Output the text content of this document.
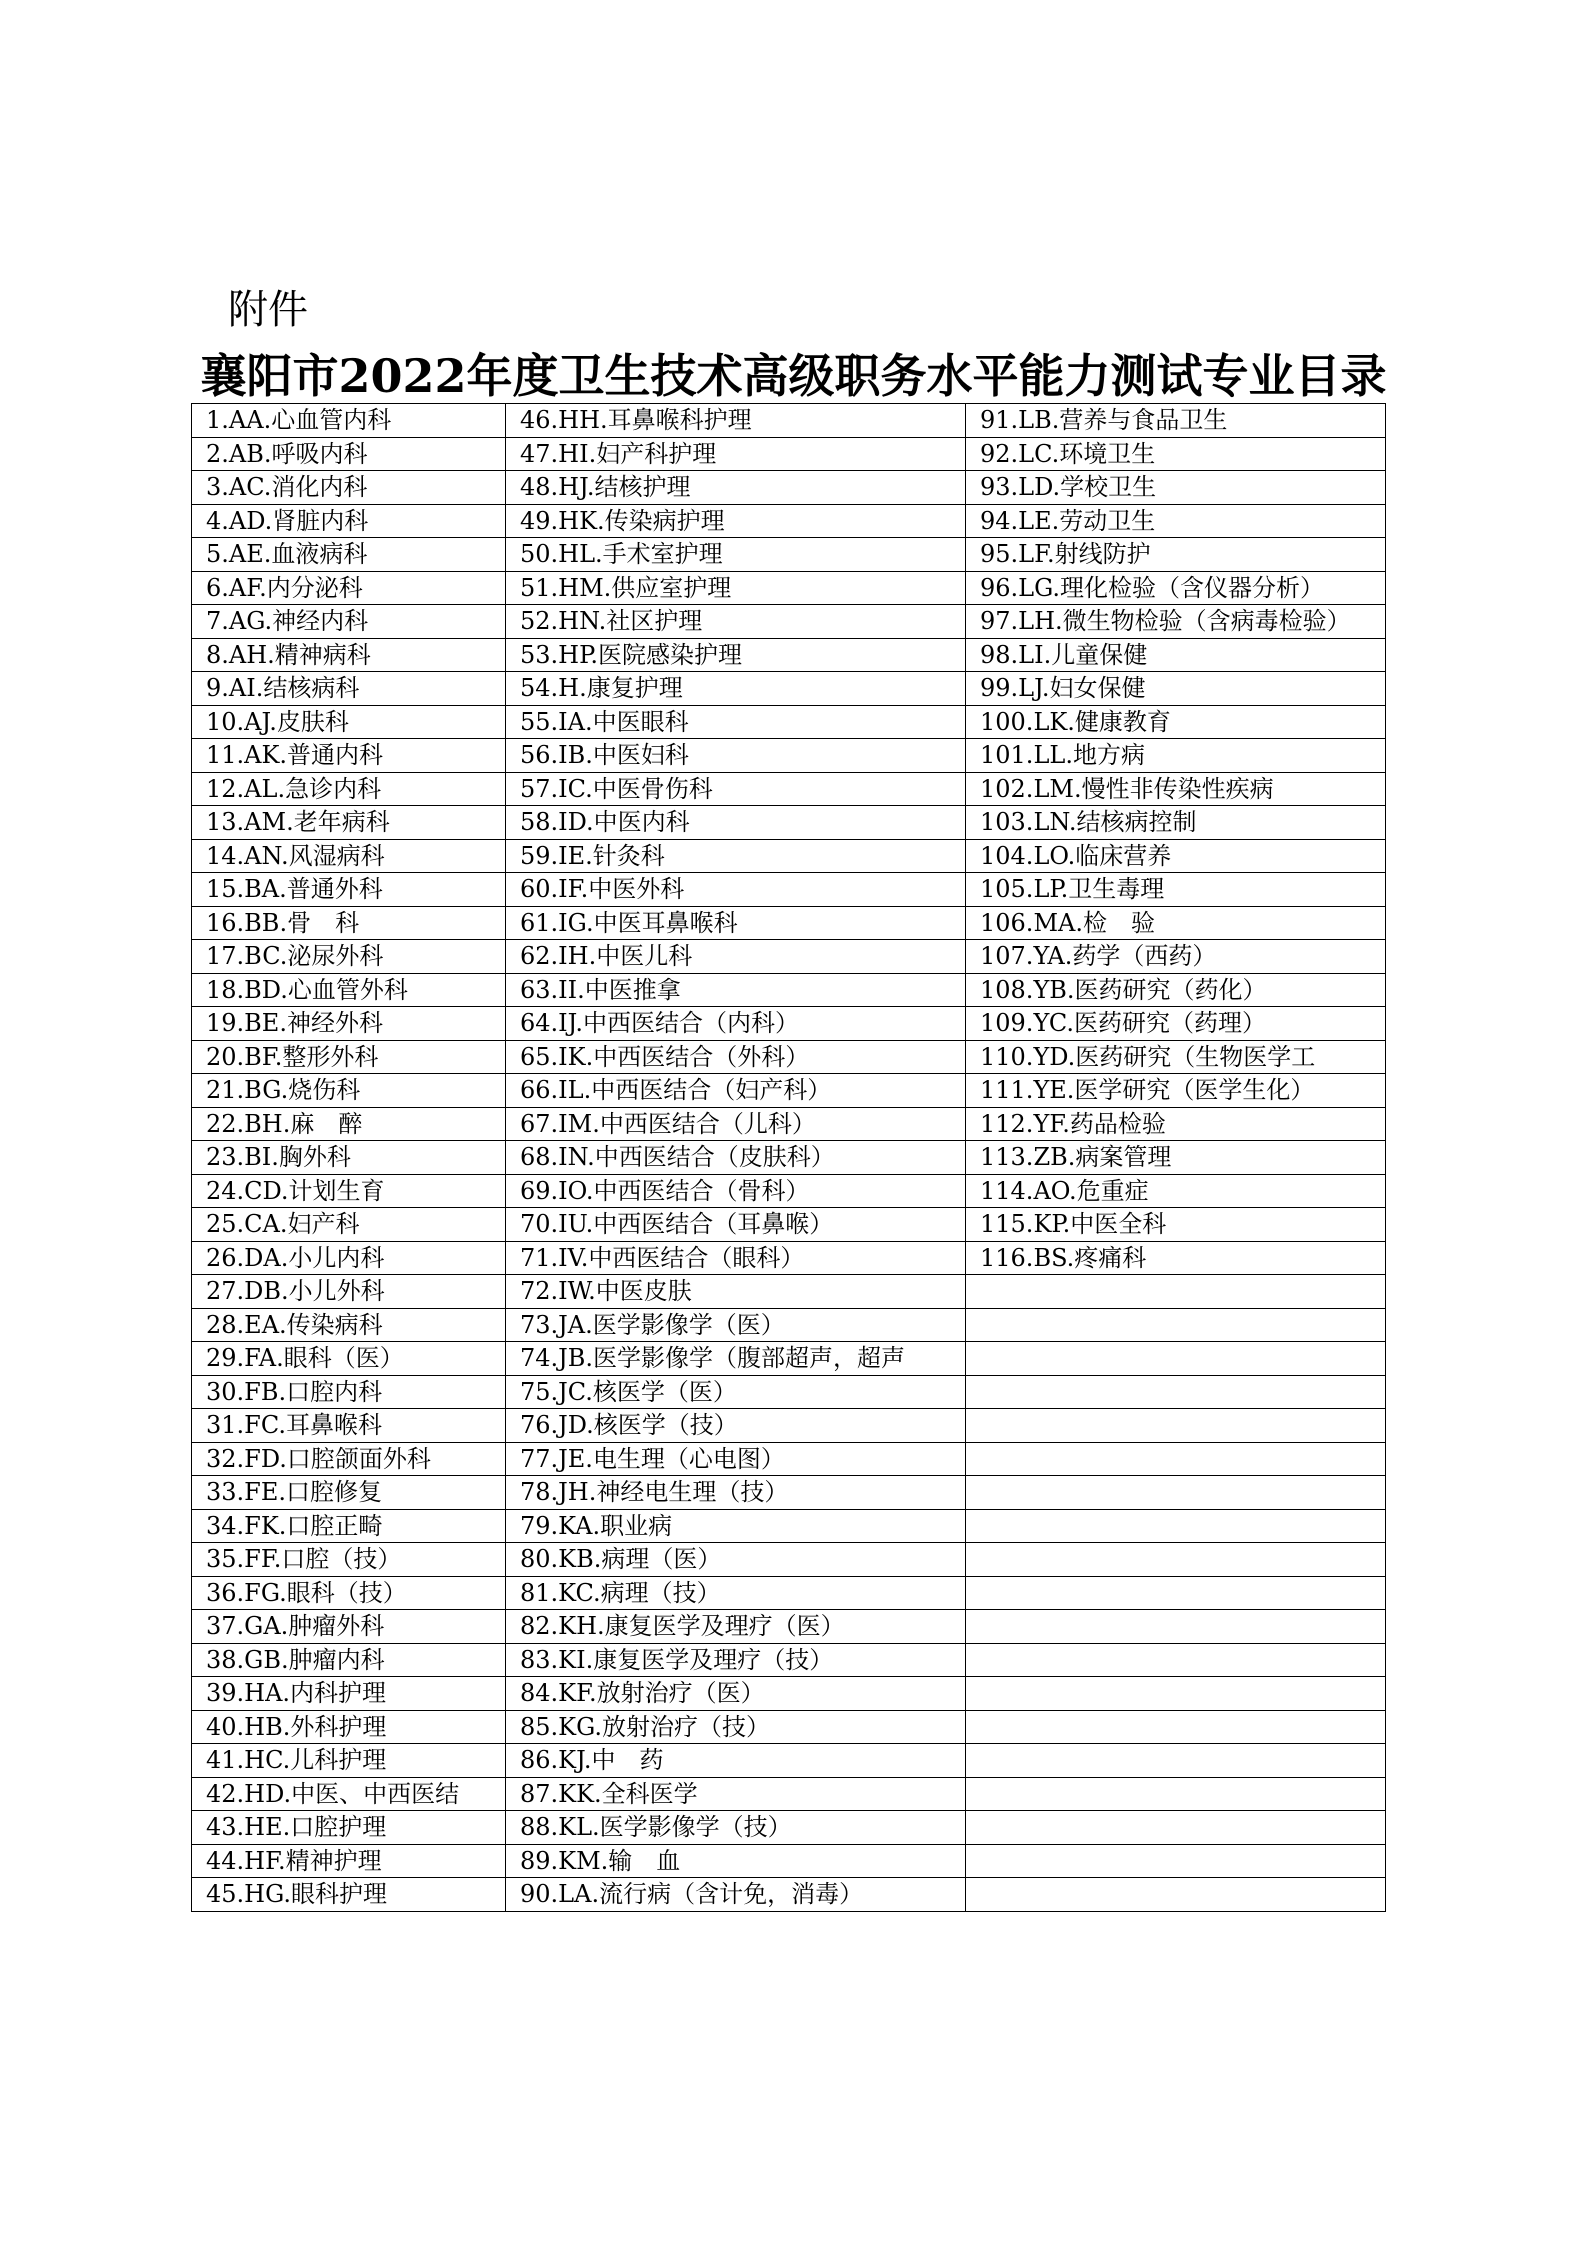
附件
襄阳市2022年度卫生技术高级职务水平能力测试专业目录
1.AA.心血管内科	46.HH.耳鼻喉科护理	91.LB.营养与食品卫生
2.AB.呼吸内科	47.HI.妇产科护理	92.LC.环境卫生
3.AC.消化内科	48.HJ.结核护理	93.LD.学校卫生
4.AD.肾脏内科	49.HK.传染病护理	94.LE.劳动卫生
5.AE.血液病科	50.HL.手术室护理	95.LF.射线防护
6.AF.内分泌科	51.HM.供应室护理	96.LG.理化检验（含仪器分析）
7.AG.神经内科	52.HN.社区护理	97.LH.微生物检验（含病毒检验）
8.AH.精神病科	53.HP.医院感染护理	98.LI.儿童保健
9.AI.结核病科	54.H.康复护理	99.LJ.妇女保健
10.AJ.皮肤科	55.IA.中医眼科	100.LK.健康教育
11.AK.普通内科	56.IB.中医妇科	101.LL.地方病
12.AL.急诊内科	57.IC.中医骨伤科	102.LM.慢性非传染性疾病
13.AM.老年病科	58.ID.中医内科	103.LN.结核病控制
14.AN.风湿病科	59.IE.针灸科	104.LO.临床营养
15.BA.普通外科	60.IF.中医外科	105.LP.卫生毒理
16.BB.骨　科	61.IG.中医耳鼻喉科	106.MA.检　验
17.BC.泌尿外科	62.IH.中医儿科	107.YA.药学（西药）
18.BD.心血管外科	63.II.中医推拿	108.YB.医药研究（药化）
19.BE.神经外科	64.IJ.中西医结合（内科）	109.YC.医药研究（药理）
20.BF.整形外科	65.IK.中西医结合（外科）	110.YD.医药研究（生物医学工
21.BG.烧伤科	66.IL.中西医结合（妇产科）	111.YE.医学研究（医学生化）
22.BH.麻　醉	67.IM.中西医结合（儿科）	112.YF.药品检验
23.BI.胸外科	68.IN.中西医结合（皮肤科）	113.ZB.病案管理
24.CD.计划生育	69.IO.中西医结合（骨科）	114.AO.危重症
25.CA.妇产科	70.IU.中西医结合（耳鼻喉）	115.KP.中医全科
26.DA.小儿内科	71.IV.中西医结合（眼科）	116.BS.疼痛科
27.DB.小儿外科	72.IW.中医皮肤	
28.EA.传染病科	73.JA.医学影像学（医）	
29.FA.眼科（医）	74.JB.医学影像学（腹部超声，超声	
30.FB.口腔内科	75.JC.核医学（医）	
31.FC.耳鼻喉科	76.JD.核医学（技）	
32.FD.口腔颌面外科	77.JE.电生理（心电图）	
33.FE.口腔修复	78.JH.神经电生理（技）	
34.FK.口腔正畸	79.KA.职业病	
35.FF.口腔（技）	80.KB.病理（医）	
36.FG.眼科（技）	81.KC.病理（技）	
37.GA.肿瘤外科	82.KH.康复医学及理疗（医）	
38.GB.肿瘤内科	83.KI.康复医学及理疗（技）	
39.HA.内科护理	84.KF.放射治疗（医）	
40.HB.外科护理	85.KG.放射治疗（技）	
41.HC.儿科护理	86.KJ.中　药	
42.HD.中医、中西医结	87.KK.全科医学	
43.HE.口腔护理	88.KL.医学影像学（技）	
44.HF.精神护理	89.KM.输　血	
45.HG.眼科护理	90.LA.流行病（含计免，消毒）	
